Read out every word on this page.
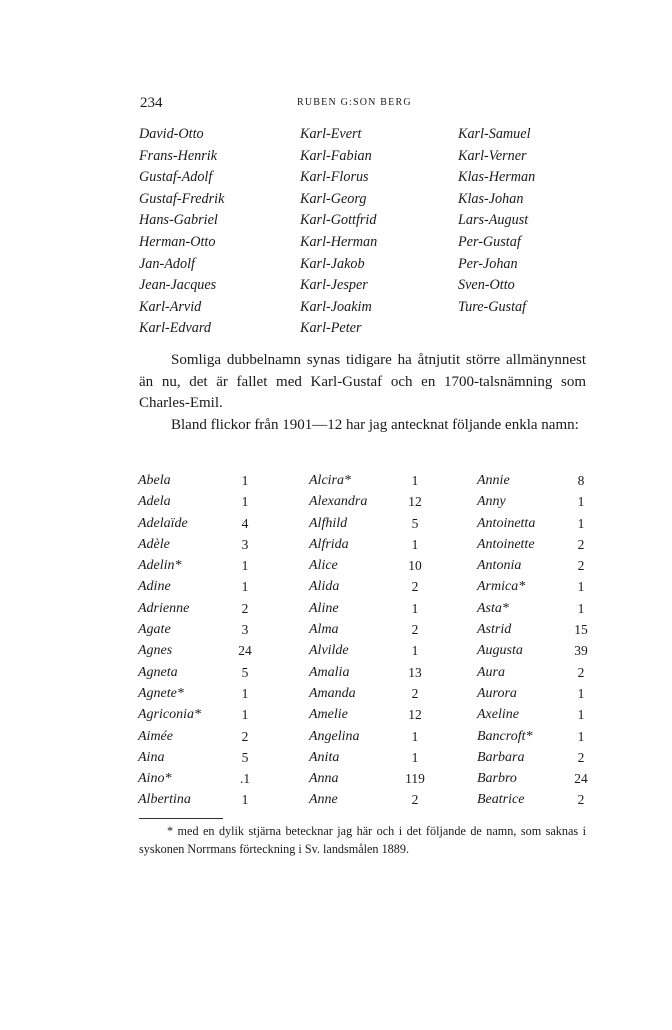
234	RUBEN G:SON BERG
David-Otto
Frans-Henrik
Gustaf-Adolf
Gustaf-Fredrik
Hans-Gabriel
Herman-Otto
Jan-Adolf
Jean-Jacques
Karl-Arvid
Karl-Edvard
Karl-Evert
Karl-Fabian
Karl-Florus
Karl-Georg
Karl-Gottfrid
Karl-Herman
Karl-Jakob
Karl-Jesper
Karl-Joakim
Karl-Peter
Karl-Samuel
Karl-Verner
Klas-Herman
Klas-Johan
Lars-August
Per-Gustaf
Per-Johan
Sven-Otto
Ture-Gustaf

Somliga dubbelnamn synas tidigare ha åtnjutit större allmänynnest än nu, det är fallet med Karl-Gustaf och en 1700-talsnämning som Charles-Emil.

Bland flickor från 1901—12 har jag antecknat följande enkla namn:

Abela
Adela
Adelaïde
Adèle
Adelin*
Adine
Adrienne
Agate
Agnes
Agneta
Agnete*
Agriconia*
Aimée
Aina
Aino*
Albertina
1
1
4
3
1
1
2
3
24
5
1
1
2
5
.1
1
Alcira*
Alexandra
Alfhild
Alfrida
Alice
Alida
Aline
Alma
Alvilde
Amalia
Amanda
Amelie
Angelina
Anita
Anna
Anne
1
12
5
1
10
2
1
2
1
13
2
12
1
1
119
2
Annie
Anny
Antoinetta
Antoinette
Antonia
Armica*
Asta*
Astrid
Augusta
Aura
Aurora
Axeline
Bancroft*
Barbara
Barbro
Beatrice
8
1
1
2
2
1
1
15
39
2
1
1
1
2
24
2
* med en dylik stjärna betecknar jag här och i det följande de namn, som saknas i syskonen Norrmans förteckning i Sv. landsmålen 1889.
